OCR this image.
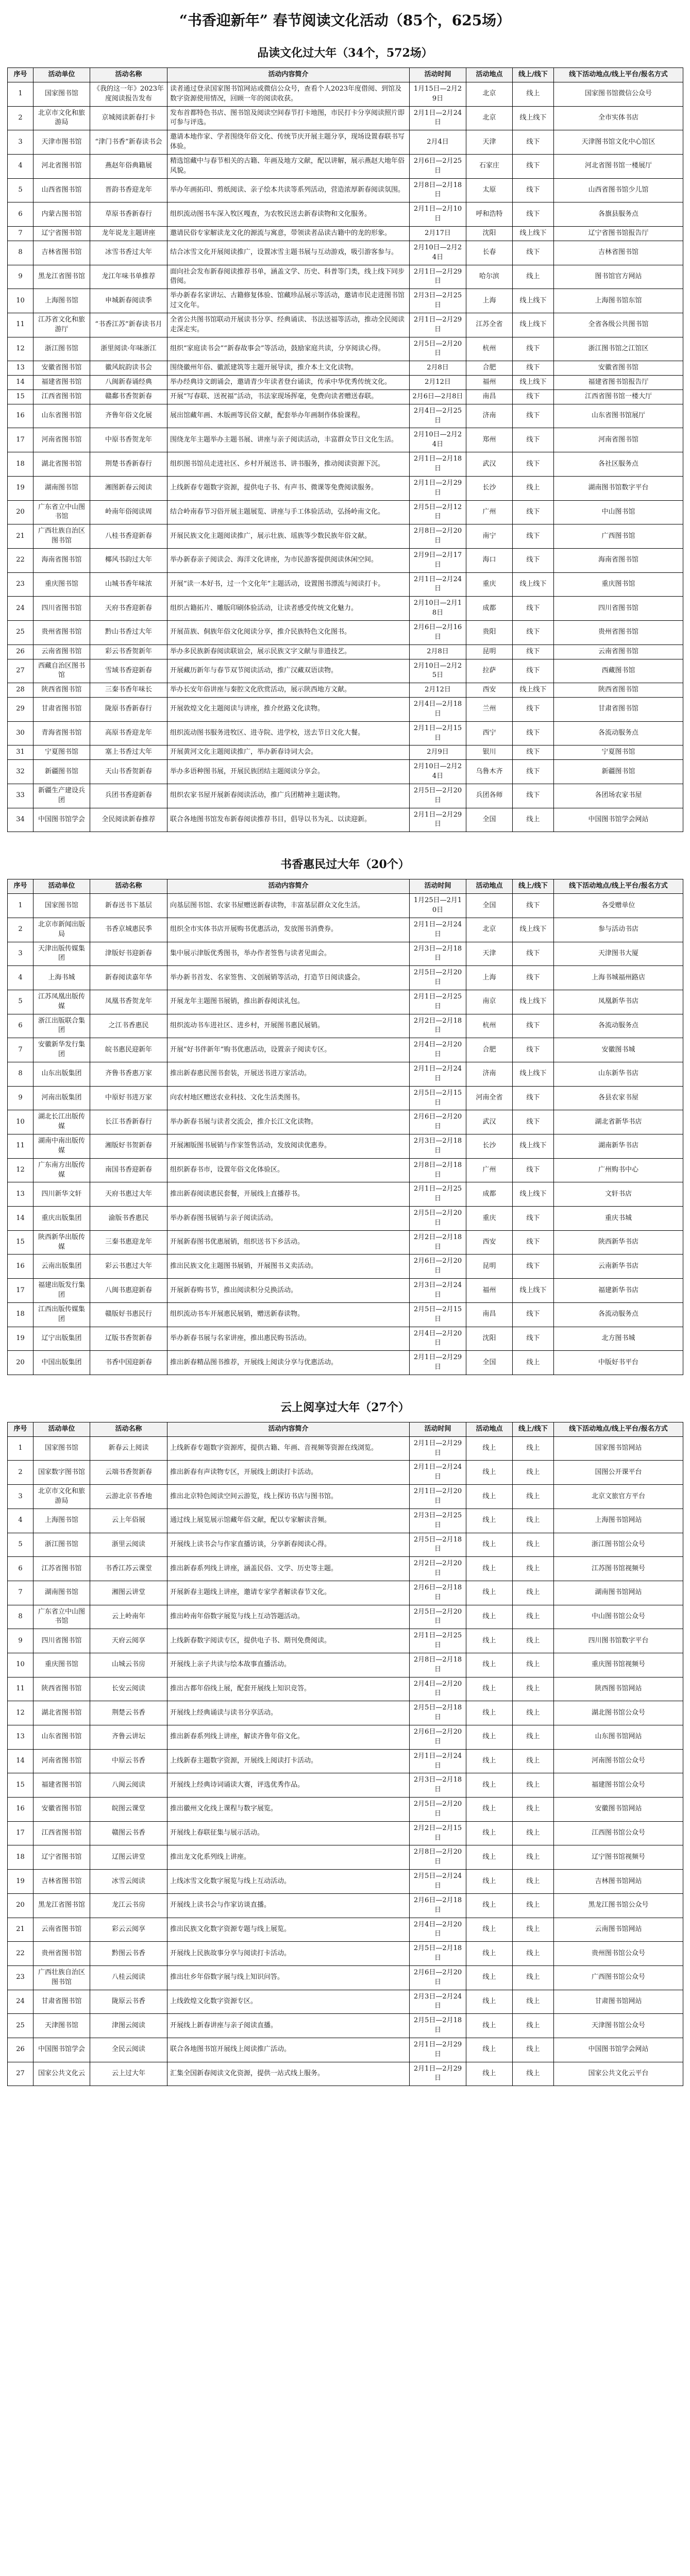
“书香迎新年” 春节阅读文化活动（85个，625场）
品读文化过大年（34个，572场）
序号	活动单位	活动名称	活动内容简介	活动时间	活动地点	线上/线下	线下活动地点/线上平台/报名方式
1	国家图书馆	《我的这一年》2023年度阅读报告发布	读者通过登录国家图书馆网站或微信公众号，查看个人2023年度借阅、到馆及数字资源使用情况，回顾一年的阅读收获。	1月15日—2月29日	北京	线上	国家图书馆微信公众号
2	北京市文化和旅游局	京城阅读新春打卡	发布首都特色书店、图书馆及阅读空间春节打卡地图，市民打卡分享阅读照片即可参与评选。	2月1日—2月24日	北京	线上线下	全市实体书店
3	天津市图书馆	“津门书香”新春读书会	邀请本地作家、学者围绕年俗文化、传统节庆开展主题分享，现场设置春联书写体验。	2月4日	天津	线下	天津图书馆文化中心馆区
4	河北省图书馆	燕赵年俗典籍展	精选馆藏中与春节相关的古籍、年画及地方文献，配以讲解，展示燕赵大地年俗风貌。	2月6日—2月25日	石家庄	线下	河北省图书馆一楼展厅
5	山西省图书馆	晋韵书香迎龙年	举办年画拓印、剪纸阅读、亲子绘本共读等系列活动，营造浓厚新春阅读氛围。	2月8日—2月18日	太原	线下	山西省图书馆少儿馆
6	内蒙古图书馆	草原书香新春行	组织流动图书车深入牧区嘎查，为农牧民送去新春读物和文化服务。	2月1日—2月10日	呼和浩特	线下	各旗县服务点
7	辽宁省图书馆	龙年说龙主题讲座	邀请民俗专家解读龙文化的源流与寓意，带领读者品读古籍中的龙的形象。	2月17日	沈阳	线上线下	辽宁省图书馆报告厅
8	吉林省图书馆	冰雪书香过大年	结合冰雪文化开展阅读推广，设置冰雪主题书展与互动游戏，吸引游客参与。	2月10日—2月24日	长春	线下	吉林省图书馆
9	黑龙江省图书馆	龙江年味书单推荐	面向社会发布新春阅读推荐书单，涵盖文学、历史、科普等门类，线上线下同步借阅。	2月1日—2月29日	哈尔滨	线上	图书馆官方网站
10	上海图书馆	申城新春阅读季	举办新春名家讲坛、古籍修复体验、馆藏珍品展示等活动，邀请市民走进图书馆过文化年。	2月3日—2月25日	上海	线上线下	上海图书馆东馆
11	江苏省文化和旅游厅	“书香江苏”新春读书月	全省公共图书馆联动开展读书分享、经典诵读、书法送福等活动，推动全民阅读走深走实。	2月1日—2月29日	江苏全省	线上线下	全省各级公共图书馆
12	浙江图书馆	浙里阅读·年味浙江	组织“家庭读书会”“新春故事会”等活动，鼓励家庭共读，分享阅读心得。	2月5日—2月20日	杭州	线下	浙江图书馆之江馆区
13	安徽省图书馆	徽风皖韵读书会	围绕徽州年俗、徽派建筑等主题开展导读，推介本土文化读物。	2月8日	合肥	线下	安徽省图书馆
14	福建省图书馆	八闽新春诵经典	举办经典诗文朗诵会，邀请青少年读者登台诵读，传承中华优秀传统文化。	2月12日	福州	线上线下	福建省图书馆报告厅
15	江西省图书馆	赣鄱书香贺新春	开展“写春联、送祝福”活动，书法家现场挥毫，免费向读者赠送春联。	2月6日—2月8日	南昌	线下	江西省图书馆一楼大厅
16	山东省图书馆	齐鲁年俗文化展	展出馆藏年画、木版画等民俗文献，配套举办年画制作体验课程。	2月4日—2月25日	济南	线下	山东省图书馆展厅
17	河南省图书馆	中原书香贺龙年	围绕龙年主题举办主题书展、讲座与亲子阅读活动，丰富群众节日文化生活。	2月10日—2月24日	郑州	线下	河南省图书馆
18	湖北省图书馆	荆楚书香新春行	组织图书馆员走进社区、乡村开展送书、讲书服务，推动阅读资源下沉。	2月1日—2月18日	武汉	线下	各社区服务点
19	湖南图书馆	湘图新春云阅读	上线新春专题数字资源，提供电子书、有声书、微课等免费阅读服务。	2月1日—2月29日	长沙	线上	湖南图书馆数字平台
20	广东省立中山图书馆	岭南年俗阅读周	结合岭南春节习俗开展主题展览、讲座与手工体验活动，弘扬岭南文化。	2月5日—2月12日	广州	线下	中山图书馆
21	广西壮族自治区图书馆	八桂书香迎新春	开展民族文化主题阅读推广，展示壮族、瑶族等少数民族年俗文献。	2月8日—2月20日	南宁	线下	广西图书馆
22	海南省图书馆	椰风书韵过大年	举办新春亲子阅读会、海洋文化讲座，为市民游客提供阅读休闲空间。	2月9日—2月17日	海口	线下	海南省图书馆
23	重庆图书馆	山城书香年味浓	开展“读一本好书，过一个文化年”主题活动，设置图书漂流与阅读打卡。	2月1日—2月24日	重庆	线上线下	重庆图书馆
24	四川省图书馆	天府书香迎新春	组织古籍拓片、雕版印刷体验活动，让读者感受传统文化魅力。	2月10日—2月18日	成都	线下	四川省图书馆
25	贵州省图书馆	黔山书香过大年	开展苗族、侗族年俗文化阅读分享，推介民族特色文化图书。	2月6日—2月16日	贵阳	线下	贵州省图书馆
26	云南省图书馆	彩云书香贺新年	举办多民族新春阅读联谊会，展示民族文字文献与非遗技艺。	2月8日	昆明	线下	云南省图书馆
27	西藏自治区图书馆	雪域书香迎新春	开展藏历新年与春节双节阅读活动，推广汉藏双语读物。	2月10日—2月25日	拉萨	线下	西藏图书馆
28	陕西省图书馆	三秦书香年味长	举办长安年俗讲座与秦腔文化欣赏活动，展示陕西地方文献。	2月12日	西安	线上线下	陕西省图书馆
29	甘肃省图书馆	陇原书香新春行	开展敦煌文化主题阅读与讲座，推介丝路文化读物。	2月4日—2月18日	兰州	线下	甘肃省图书馆
30	青海省图书馆	高原书香迎龙年	组织流动图书服务进牧区、进寺院、进学校，送去节日文化大餐。	2月1日—2月15日	西宁	线下	各流动服务点
31	宁夏图书馆	塞上书香过大年	开展黄河文化主题阅读推广，举办新春诗词大会。	2月9日	银川	线下	宁夏图书馆
32	新疆图书馆	天山书香贺新春	举办多语种图书展，开展民族团结主题阅读分享会。	2月10日—2月24日	乌鲁木齐	线下	新疆图书馆
33	新疆生产建设兵团	兵团书香迎新春	组织农家书屋开展新春阅读活动，推广兵团精神主题读物。	2月5日—2月20日	兵团各师	线下	各团场农家书屋
34	中国图书馆学会	全民阅读新春推荐	联合各地图书馆发布新春阅读推荐书目，倡导以书为礼、以读迎新。	2月1日—2月29日	全国	线上	中国图书馆学会网站
书香惠民过大年（20个）
序号	活动单位	活动名称	活动内容简介	活动时间	活动地点	线上/线下	线下活动地点/线上平台/报名方式
1	国家图书馆	新春送书下基层	向基层图书馆、农家书屋赠送新春读物，丰富基层群众文化生活。	1月25日—2月10日	全国	线下	各受赠单位
2	北京市新闻出版局	书香京城惠民季	组织全市实体书店开展购书优惠活动，发放图书消费券。	2月1日—2月24日	北京	线上线下	参与活动书店
3	天津出版传媒集团	津版好书迎新春	集中展示津版优秀图书，举办作者签售与读者见面会。	2月3日—2月18日	天津	线下	天津图书大厦
4	上海书城	新春阅读嘉年华	举办新书首发、名家签售、文创展销等活动，打造节日阅读盛会。	2月5日—2月20日	上海	线下	上海书城福州路店
5	江苏凤凰出版传媒	凤凰书香贺龙年	开展龙年主题图书展销，推出新春阅读礼包。	2月1日—2月25日	南京	线上线下	凤凰新华书店
6	浙江出版联合集团	之江书香惠民	组织流动书车进社区、进乡村，开展图书惠民展销。	2月2日—2月18日	杭州	线下	各流动服务点
7	安徽新华发行集团	皖书惠民迎新年	开展“好书伴新年”购书优惠活动，设置亲子阅读专区。	2月4日—2月20日	合肥	线下	安徽图书城
8	山东出版集团	齐鲁书香惠万家	推出新春惠民图书套装，开展送书进万家活动。	2月1日—2月24日	济南	线上线下	山东新华书店
9	河南出版集团	中原好书进万家	向农村地区赠送农业科技、文化生活类图书。	2月5日—2月15日	河南全省	线下	各县农家书屋
10	湖北长江出版传媒	长江书香新春行	举办新春书展与读者交流会，推介长江文化读物。	2月6日—2月20日	武汉	线下	湖北省新华书店
11	湖南中南出版传媒	湘版好书贺新春	开展湘版图书展销与作家签售活动，发放阅读优惠券。	2月3日—2月18日	长沙	线上线下	湖南新华书店
12	广东南方出版传媒	南国书香迎新春	组织新春书市，设置年俗文化体验区。	2月8日—2月18日	广州	线下	广州购书中心
13	四川新华文轩	天府书惠过大年	推出新春阅读惠民套餐，开展线上直播荐书。	2月1日—2月25日	成都	线上线下	文轩书店
14	重庆出版集团	渝版书香惠民	举办新春图书展销与亲子阅读活动。	2月5日—2月20日	重庆	线下	重庆书城
15	陕西新华出版传媒	三秦书惠迎龙年	开展新春图书优惠展销，组织送书下乡活动。	2月2日—2月18日	西安	线下	陕西新华书店
16	云南出版集团	彩云书惠过大年	推出民族文化主题图书展销，开展图书义卖活动。	2月6日—2月20日	昆明	线下	云南新华书店
17	福建出版发行集团	八闽书惠迎新春	开展新春购书节，推出阅读积分兑换活动。	2月3日—2月24日	福州	线上线下	福建新华书店
18	江西出版传媒集团	赣版好书惠民行	组织流动书车开展惠民展销，赠送新春读物。	2月5日—2月15日	南昌	线下	各流动服务点
19	辽宁出版集团	辽版书香贺新春	举办新春书展与名家讲座，推出惠民购书活动。	2月4日—2月20日	沈阳	线下	北方图书城
20	中国出版集团	书香中国迎新春	推出新春精品图书推荐，开展线上阅读分享与优惠活动。	2月1日—2月29日	全国	线上	中版好书平台
云上阅享过大年（27个）
序号	活动单位	活动名称	活动内容简介	活动时间	活动地点	线上/线下	线下活动地点/线上平台/报名方式
1	国家图书馆	新春云上阅读	上线新春专题数字资源库，提供古籍、年画、音视频等资源在线浏览。	2月1日—2月29日	线上	线上	国家图书馆网站
2	国家数字图书馆	云端书香贺新春	推出新春有声读物专区，开展线上朗读打卡活动。	2月1日—2月24日	线上	线上	国图公开课平台
3	北京市文化和旅游局	云游北京书香地	推出北京特色阅读空间云游览，线上探访书店与图书馆。	2月1日—2月20日	线上	线上	北京文旅官方平台
4	上海图书馆	云上年俗展	通过线上展览展示馆藏年俗文献，配以专家解读音频。	2月3日—2月25日	线上	线上	上海图书馆网站
5	浙江图书馆	浙里云阅读	开展线上读书会与作家直播访谈，分享新春阅读心得。	2月5日—2月18日	线上	线上	浙江图书馆公众号
6	江苏省图书馆	书香江苏云课堂	推出新春系列线上讲座，涵盖民俗、文学、历史等主题。	2月2日—2月20日	线上	线上	江苏图书馆视频号
7	湖南图书馆	湘图云讲堂	开展新春主题线上讲座，邀请专家学者解读春节文化。	2月6日—2月18日	线上	线上	湖南图书馆网站
8	广东省立中山图书馆	云上岭南年	推出岭南年俗数字展览与线上互动答题活动。	2月5日—2月20日	线上	线上	中山图书馆公众号
9	四川省图书馆	天府云阅享	上线新春数字阅读专区，提供电子书、期刊免费阅读。	2月1日—2月25日	线上	线上	四川图书馆数字平台
10	重庆图书馆	山城云书房	开展线上亲子共读与绘本故事直播活动。	2月8日—2月18日	线上	线上	重庆图书馆视频号
11	陕西省图书馆	长安云阅读	推出古都年俗线上展，配套开展线上知识竞答。	2月4日—2月20日	线上	线上	陕西图书馆网站
12	湖北省图书馆	荆楚云书香	开展线上经典诵读与读书分享活动。	2月5日—2月18日	线上	线上	湖北图书馆公众号
13	山东省图书馆	齐鲁云讲坛	推出新春系列线上讲座，解读齐鲁年俗文化。	2月6日—2月20日	线上	线上	山东图书馆网站
14	河南省图书馆	中原云书香	上线新春主题数字资源，开展线上阅读打卡活动。	2月1日—2月24日	线上	线上	河南图书馆公众号
15	福建省图书馆	八闽云阅读	开展线上经典诗词诵读大赛，评选优秀作品。	2月3日—2月18日	线上	线上	福建图书馆公众号
16	安徽省图书馆	皖图云课堂	推出徽州文化线上课程与数字展览。	2月5日—2月20日	线上	线上	安徽图书馆网站
17	江西省图书馆	赣图云书香	开展线上春联征集与展示活动。	2月2日—2月15日	线上	线上	江西图书馆公众号
18	辽宁省图书馆	辽图云讲堂	推出龙文化系列线上讲座。	2月8日—2月20日	线上	线上	辽宁图书馆视频号
19	吉林省图书馆	冰雪云阅读	上线冰雪文化数字展览与线上互动活动。	2月5日—2月24日	线上	线上	吉林图书馆网站
20	黑龙江省图书馆	龙江云书房	开展线上读书会与作家访谈直播。	2月6日—2月18日	线上	线上	黑龙江图书馆公众号
21	云南省图书馆	彩云云阅享	推出民族文化数字资源专题与线上展览。	2月4日—2月20日	线上	线上	云南图书馆网站
22	贵州省图书馆	黔图云书香	开展线上民族故事分享与阅读打卡活动。	2月5日—2月18日	线上	线上	贵州图书馆公众号
23	广西壮族自治区图书馆	八桂云阅读	推出壮乡年俗数字展与线上知识问答。	2月6日—2月20日	线上	线上	广西图书馆公众号
24	甘肃省图书馆	陇原云书香	上线敦煌文化数字资源专区。	2月3日—2月24日	线上	线上	甘肃图书馆网站
25	天津图书馆	津图云阅读	开展线上新春讲座与亲子阅读直播。	2月5日—2月18日	线上	线上	天津图书馆公众号
26	中国图书馆学会	全民云阅读	联合各地图书馆开展线上阅读推广活动。	2月1日—2月29日	线上	线上	中国图书馆学会网站
27	国家公共文化云	云上过大年	汇集全国新春阅读文化资源，提供一站式线上服务。	2月1日—2月29日	线上	线上	国家公共文化云平台
